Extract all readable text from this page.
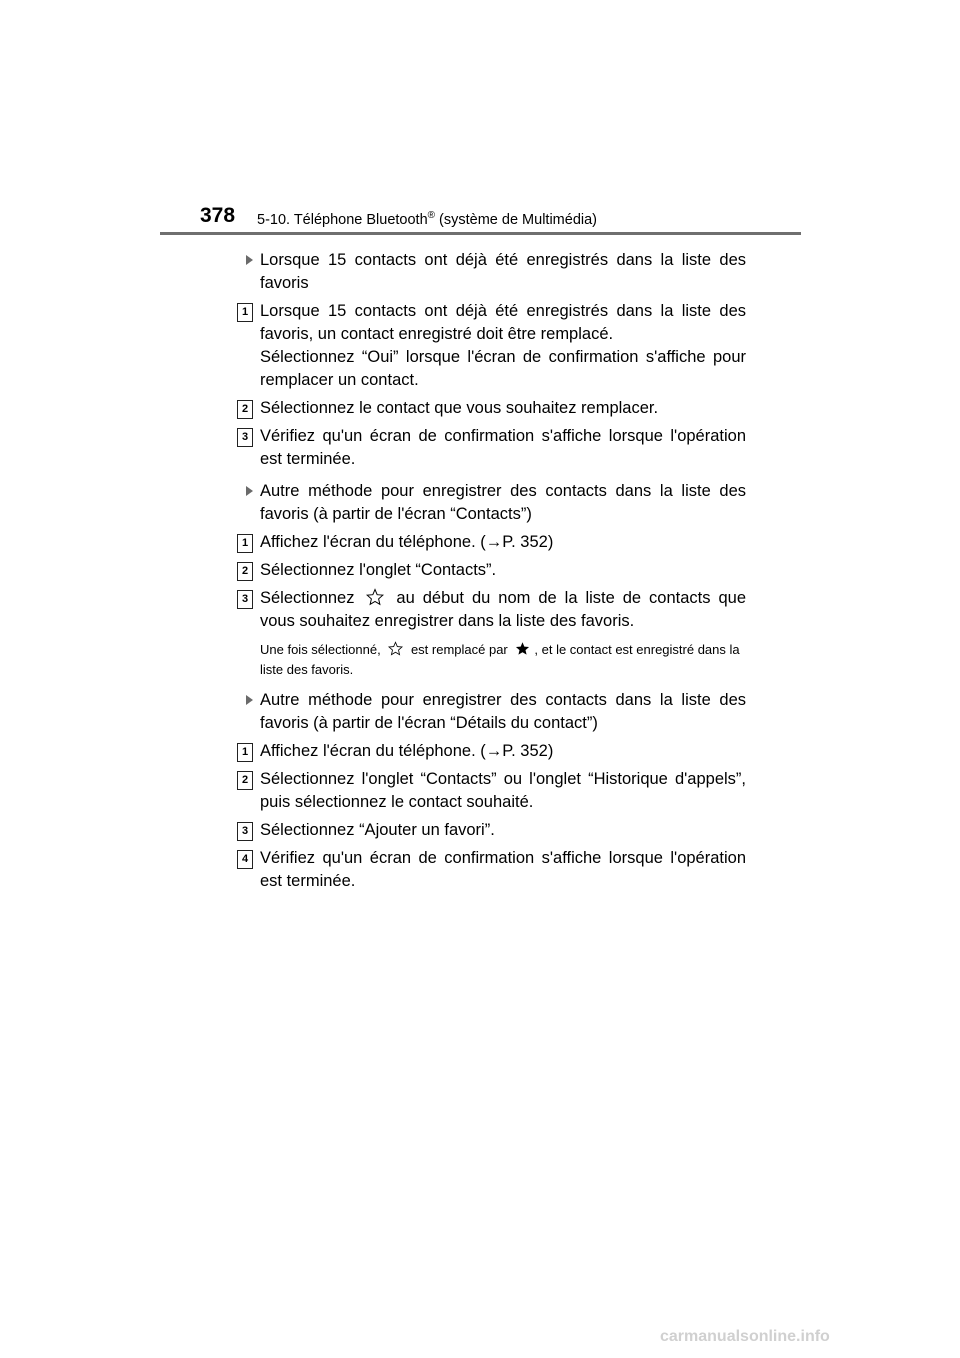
378 5-10. Téléphone Bluetooth® (système de Multimédia)
Lorsque 15 contacts ont déjà été enregistrés dans la liste des favoris
1 Lorsque 15 contacts ont déjà été enregistrés dans la liste des favoris, un contact enregistré doit être remplacé.
Sélectionnez “Oui” lorsque l'écran de confirmation s'affiche pour remplacer un contact.
2 Sélectionnez le contact que vous souhaitez remplacer.
3 Vérifiez qu'un écran de confirmation s'affiche lorsque l'opération est terminée.
Autre méthode pour enregistrer des contacts dans la liste des favoris (à partir de l'écran “Contacts”)
1 Affichez l'écran du téléphone. (→P. 352)
2 Sélectionnez l'onglet “Contacts”.
3 Sélectionnez	au début du nom de la liste de contacts que vous souhaitez enregistrer dans la liste des favoris.
Une fois sélectionné, est remplacé par , et le contact est enregistré dans la liste des favoris.
Autre méthode pour enregistrer des contacts dans la liste des favoris (à partir de l'écran “Détails du contact”)
1 Affichez l'écran du téléphone. (→P. 352)
2 Sélectionnez l'onglet “Contacts” ou l'onglet “Historique d'appels”, puis sélectionnez le contact souhaité.
3 Sélectionnez “Ajouter un favori”.
4 Vérifiez qu'un écran de confirmation s'affiche lorsque l'opération est terminée.
carmanualsonline.info
